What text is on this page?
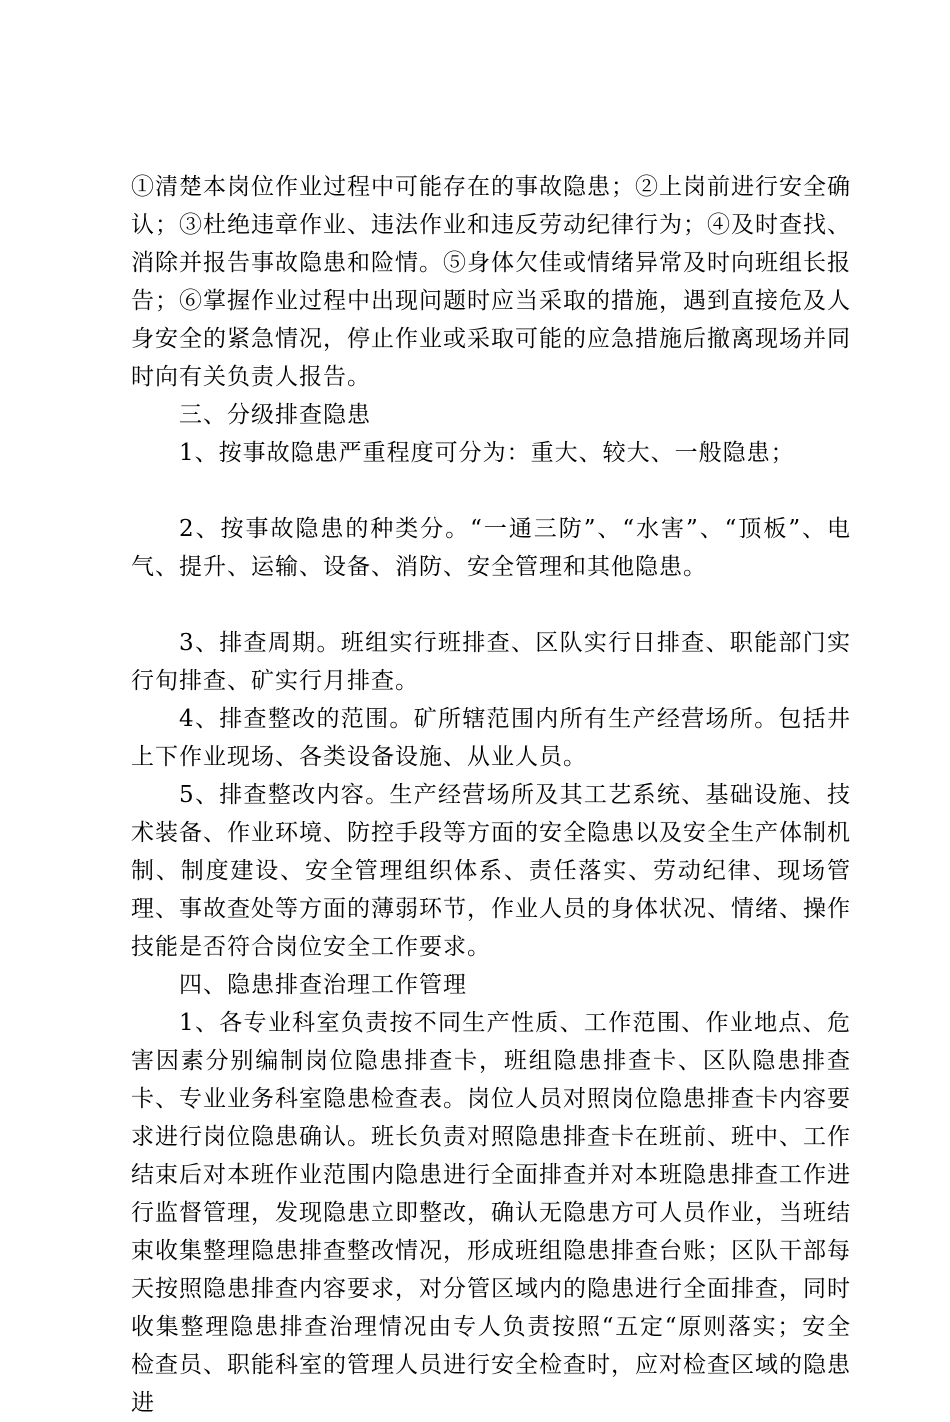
①清楚本岗位作业过程中可能存在的事故隐患；②上岗前进行安全确认；③杜绝违章作业、违法作业和违反劳动纪律行为；④及时查找、消除并报告事故隐患和险情。⑤身体欠佳或情绪异常及时向班组长报告；⑥掌握作业过程中出现问题时应当采取的措施，遇到直接危及人身安全的紧急情况，停止作业或采取可能的应急措施后撤离现场并同时向有关负责人报告。

三、分级排查隐患

1、按事故隐患严重程度可分为：重大、较大、一般隐患；

2、按事故隐患的种类分。“一通三防”、“水害”、“顶板”、电气、提升、运输、设备、消防、安全管理和其他隐患。

3、排查周期。班组实行班排查、区队实行日排查、职能部门实行旬排查、矿实行月排查。

4、排查整改的范围。矿所辖范围内所有生产经营场所。包括井上下作业现场、各类设备设施、从业人员。

5、排查整改内容。生产经营场所及其工艺系统、基础设施、技术装备、作业环境、防控手段等方面的安全隐患以及安全生产体制机制、制度建设、安全管理组织体系、责任落实、劳动纪律、现场管理、事故查处等方面的薄弱环节，作业人员的身体状况、情绪、操作技能是否符合岗位安全工作要求。

四、隐患排查治理工作管理

1、各专业科室负责按不同生产性质、工作范围、作业地点、危害因素分别编制岗位隐患排查卡，班组隐患排查卡、区队隐患排查卡、专业业务科室隐患检查表。岗位人员对照岗位隐患排查卡内容要求进行岗位隐患确认。班长负责对照隐患排查卡在班前、班中、工作结束后对本班作业范围内隐患进行全面排查并对本班隐患排查工作进行监督管理，发现隐患立即整改，确认无隐患方可人员作业，当班结束收集整理隐患排查整改情况，形成班组隐患排查台账；区队干部每天按照隐患排查内容要求，对分管区域内的隐患进行全面排查，同时收集整理隐患排查治理情况由专人负责按照“五定“原则落实；安全检查员、职能科室的管理人员进行安全检查时，应对检查区域的隐患进
